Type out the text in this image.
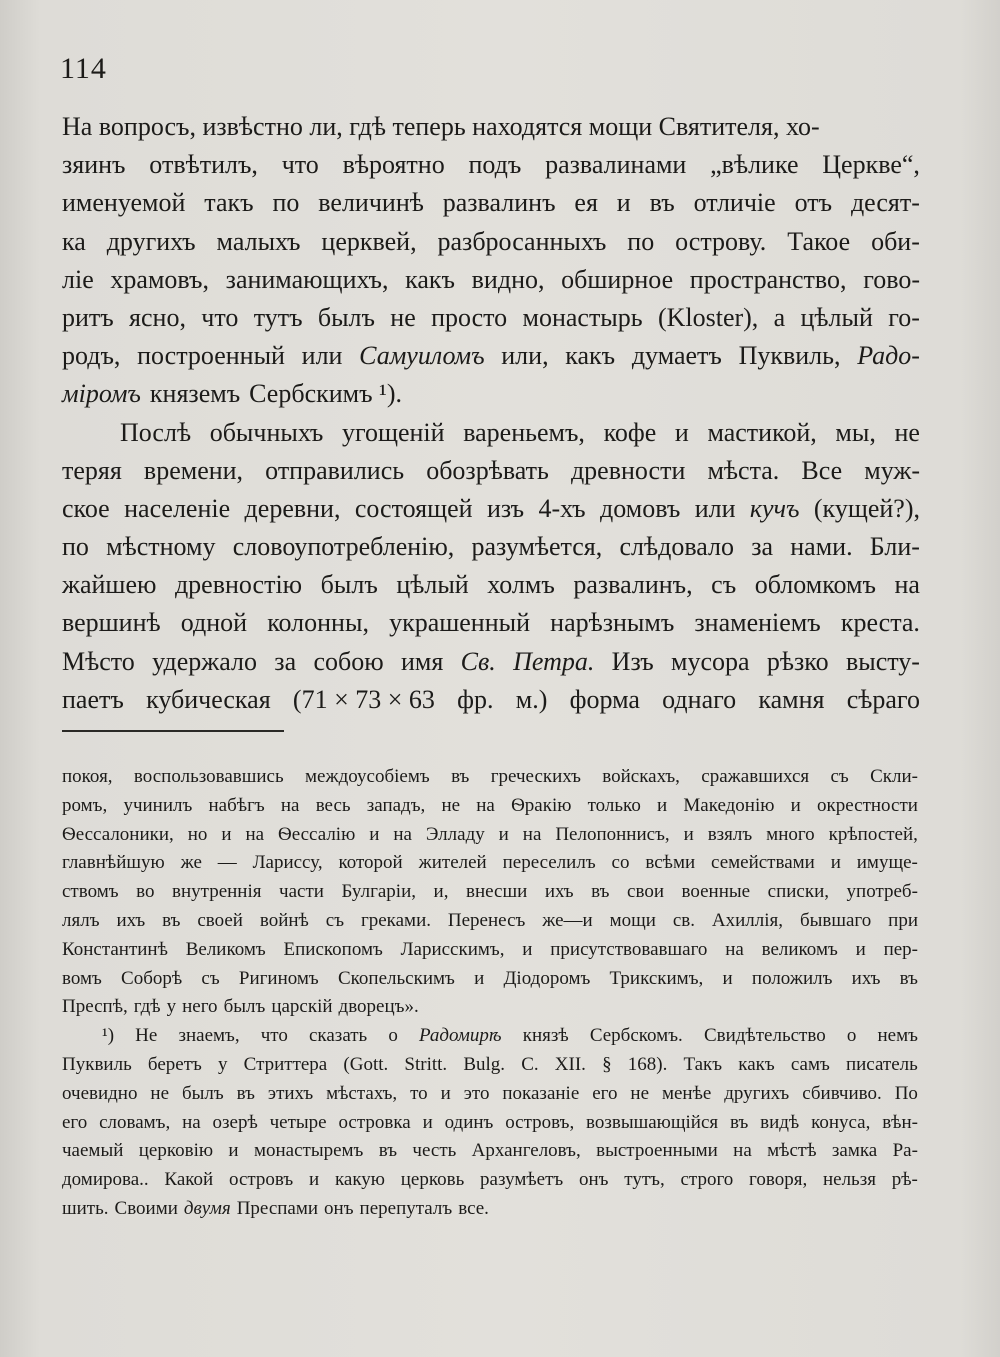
114
На вопросъ, извѣстно ли, гдѣ теперь находятся мощи Святителя, хо-
зяинъ отвѣтилъ, что вѣроятно подъ развалинами „вѣлике Церкве“,
именуемой такъ по величинѣ развалинъ ея и въ отличіе отъ десят-
ка другихъ малыхъ церквей, разбросанныхъ по острову. Такое оби-
ліе храмовъ, занимающихъ, какъ видно, обширное пространство, гово-
ритъ ясно, что тутъ былъ не просто монастырь (Kloster), а цѣлый го-
родъ, построенный или Самуиломъ или, какъ думаетъ Пуквиль, Радо-
міромъ княземъ Сербскимъ ¹).
Послѣ обычныхъ угощеній вареньемъ, кофе и мастикой, мы, не
теряя времени, отправились обозрѣвать древности мѣста. Все муж-
ское населеніе деревни, состоящей изъ 4-хъ домовъ или кучъ (кущей?),
по мѣстному словоупотребленію, разумѣется, слѣдовало за нами. Бли-
жайшею древностію былъ цѣлый холмъ развалинъ, съ обломкомъ на
вершинѣ одной колонны, украшенный нарѣзнымъ знаменіемъ креста.
Мѣсто удержало за собою имя Св. Петра. Изъ мусора рѣзко высту-
паетъ кубическая (71 × 73 × 63 фр. м.) форма однаго камня сѣраго
покоя, воспользовавшись междоусобіемъ въ греческихъ войскахъ, сражавшихся съ Скли-
ромъ, учинилъ набѣгъ на весь западъ, не на Ѳракію только и Македонію и окрестности
Ѳессалоники, но и на Ѳессалію и на Элладу и на Пелопоннисъ, и взялъ много крѣпостей,
главнѣйшую же — Лариссу, которой жителей переселилъ со всѣми семействами и имуще-
ствомъ во внутреннія части Булгаріи, и, внесши ихъ въ свои военные списки, употреб-
лялъ ихъ въ своей войнѣ съ греками. Перенесъ же—и мощи св. Ахиллія, бывшаго при
Константинѣ Великомъ Епископомъ Ларисскимъ, и присутствовавшаго на великомъ и пер-
вомъ Соборѣ съ Ригиномъ Скопельскимъ и Діодоромъ Трикскимъ, и положилъ ихъ въ
Преспѣ, гдѣ у него былъ царскій дворецъ».
¹) Не знаемъ, что сказать о Радомирѣ князѣ Сербскомъ. Свидѣтельство о немъ
Пуквиль беретъ у Стриттера (Gott. Stritt. Bulg. C. XII. § 168). Такъ какъ самъ писатель
очевидно не былъ въ этихъ мѣстахъ, то и это показаніе его не менѣе другихъ сбивчиво. По
его словамъ, на озерѣ четыре островка и одинъ островъ, возвышающійся въ видѣ конуса, вѣн-
чаемый церковію и монастыремъ въ честь Архангеловъ, выстроенными на мѣстѣ замка Ра-
домирова.. Какой островъ и какую церковь разумѣетъ онъ тутъ, строго говоря, нельзя рѣ-
шить. Своими двумя Преспами онъ перепуталъ все.
